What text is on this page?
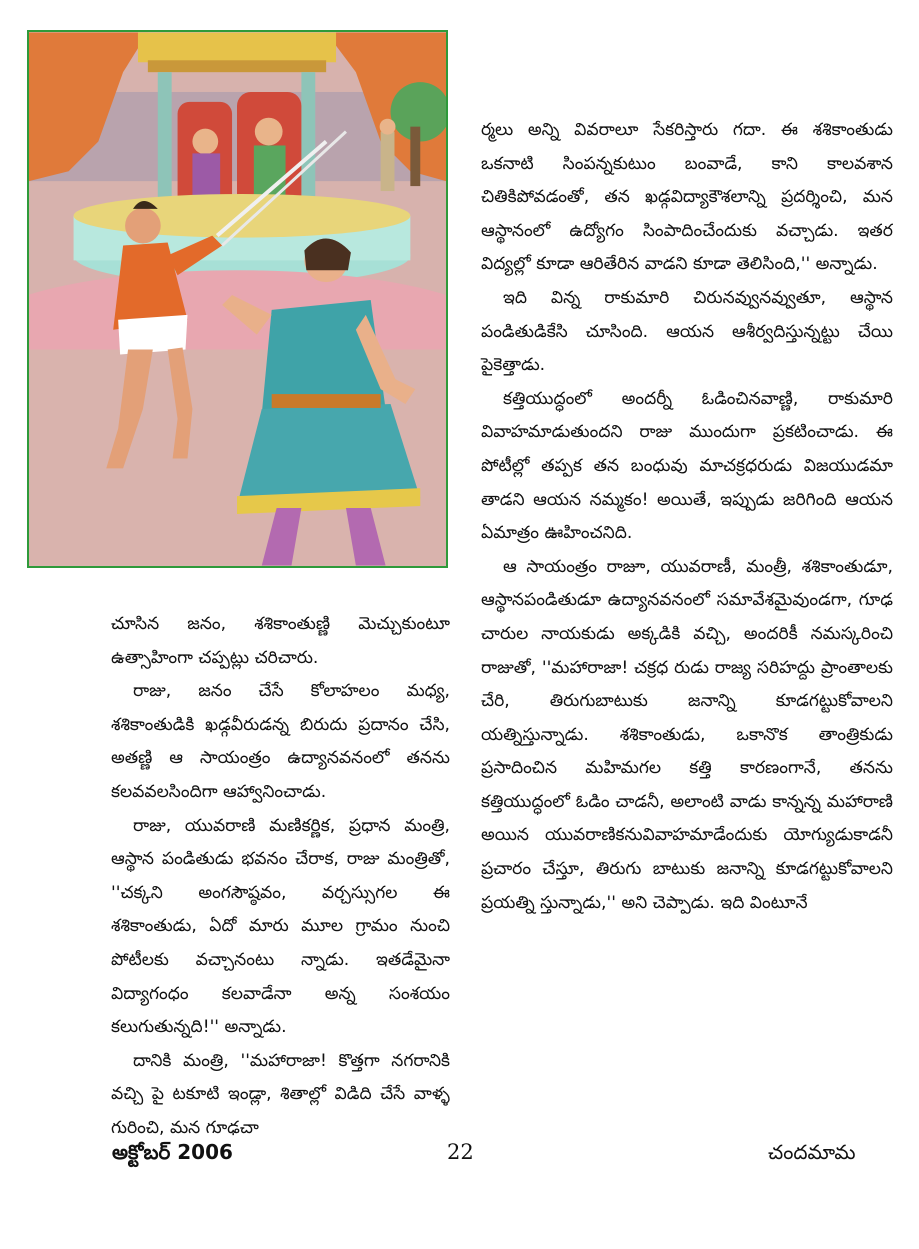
ర్మలు అన్ని వివరాలూ సేకరిస్తారు గదా. ఈ శశికాంతుడు ఒకనాటి సింపన్నకుటుం బంవాడే, కాని కాలవశాన చితికిపోవడంతో, తన ఖడ్గవిద్యాకౌశలాన్ని ప్రదర్శించి, మన ఆస్థానంలో ఉద్యోగం సింపాదించేందుకు వచ్చాడు. ఇతర విద్యల్లో కూడా ఆరితేరిన వాడని కూడా తెలిసింది,'' అన్నాడు.

ఇది విన్న రాకుమారి చిరునవ్వునవ్వుతూ, ఆస్థాన పండితుడికేసి చూసింది. ఆయన ఆశీర్వదిస్తున్నట్టు చేయి పైకెత్తాడు.

కత్తియుద్ధంలో అందర్నీ ఓడించినవాణ్ణి, రాకుమారి వివాహమాడుతుందని రాజు ముందుగా ప్రకటించాడు. ఈ పోటీల్లో తప్పక తన బంధువు మాచక్రధరుడు విజయుడమా తాడని ఆయన నమ్మకం! అయితే, ఇప్పుడు జరిగింది ఆయన ఏమాత్రం ఊహించనిది.

ఆ సాయంత్రం రాజూ, యువరాణీ, మంత్రీ, శశికాంతుడూ, ఆస్థానపండితుడూ ఉద్యానవనంలో సమావేశమైవుండగా, గూఢ చారుల నాయకుడు అక్కడికి వచ్చి, అందరికీ నమస్కరించి రాజుతో, ''మహారాజా! చక్రధ రుడు రాజ్య సరిహద్దు ప్రాంతాలకు చేరి, తిరుగుబాటుకు జనాన్ని కూడగట్టుకోవాలని యత్నిస్తున్నాడు. శశికాంతుడు, ఒకానొక తాంత్రికుడు ప్రసాదించిన మహిమగల కత్తి కారణంగానే, తనను కత్తియుద్ధంలో ఓడిం చాడనీ, అలాంటి వాడు కాన్నన్న మహారాణి అయిన యువరాణికనువివాహమాడేందుకు యోగ్యుడుకాడనీ ప్రచారం చేస్తూ, తిరుగు బాటుకు జనాన్ని కూడగట్టుకోవాలని ప్రయత్ని స్తున్నాడు,'' అని చెప్పాడు. ఇది వింటూనే

చూసిన జనం, శశికాంతుణ్ణి మెచ్చుకుంటూ ఉత్సాహింగా చప్పట్లు చరిచారు.

రాజు, జనం చేసే కోలాహలం మధ్య, శశికాంతుడికి ఖడ్గవీరుడన్న బిరుదు ప్రదానం చేసి, అతణ్ణి ఆ సాయంత్రం ఉద్యానవనంలో తనను కలవవలసిందిగా ఆహ్వానించాడు.

రాజు, యువరాణి మణికర్ణిక, ప్రధాన మంత్రి, ఆస్థాన పండితుడు భవనం చేరాక, రాజు మంత్రితో, ''చక్కని అంగసౌష్ఠవం, వర్చస్సుగల ఈ శశికాంతుడు, ఏదో మారు మూల గ్రామం నుంచి పోటీలకు వచ్చానంటు న్నాడు. ఇతడేమైనా విద్యాగంధం కలవాడేనా అన్న సంశయం కలుగుతున్నది!'' అన్నాడు.

దానికి మంత్రి, ''మహారాజా! కొత్తగా నగరానికి వచ్చి పై టకూటి ఇండ్లా, శితాల్లో విడిది చేసే వాళ్ళ గురించి, మన గూఢచా

అక్టోబర్ 2006	22	చందమామ
